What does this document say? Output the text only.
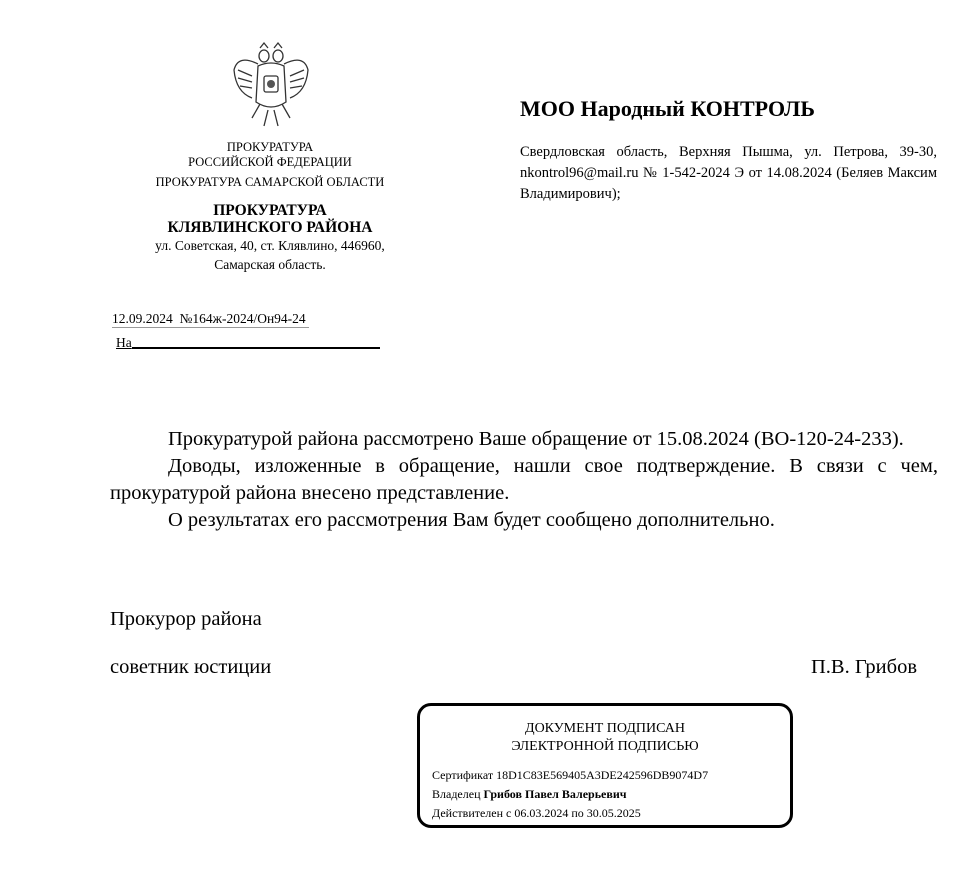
ПРОКУРАТУРА
РОССИЙСКОЙ ФЕДЕРАЦИИ
ПРОКУРАТУРА САМАРСКОЙ ОБЛАСТИ
ПРОКУРАТУРА
КЛЯВЛИНСКОГО РАЙОНА
ул. Советская, 40, ст. Клявлино, 446960,
Самарская область.
12.09.2024  №164ж-2024/Он94-24
На
МОО Народный КОНТРОЛЬ
Свердловская область, Верхняя Пышма, ул. Петрова, 39-30, nkontrol96@mail.ru № 1-542-2024 Э от 14.08.2024 (Беляев Максим Владимирович);
Прокуратурой района рассмотрено Ваше обращение от 15.08.2024 (ВО-120-24-233).
Доводы, изложенные в обращение, нашли свое подтверждение. В связи с чем, прокуратурой района внесено представление.
О результатах его рассмотрения Вам будет сообщено дополнительно.
Прокурор района
советник юстиции	П.В. Грибов
ДОКУМЕНТ ПОДПИСАН
ЭЛЕКТРОННОЙ ПОДПИСЬЮ
Сертификат 18D1C83E569405A3DE242596DB9074D7
Владелец Грибов Павел Валерьевич
Действителен с 06.03.2024 по 30.05.2025
